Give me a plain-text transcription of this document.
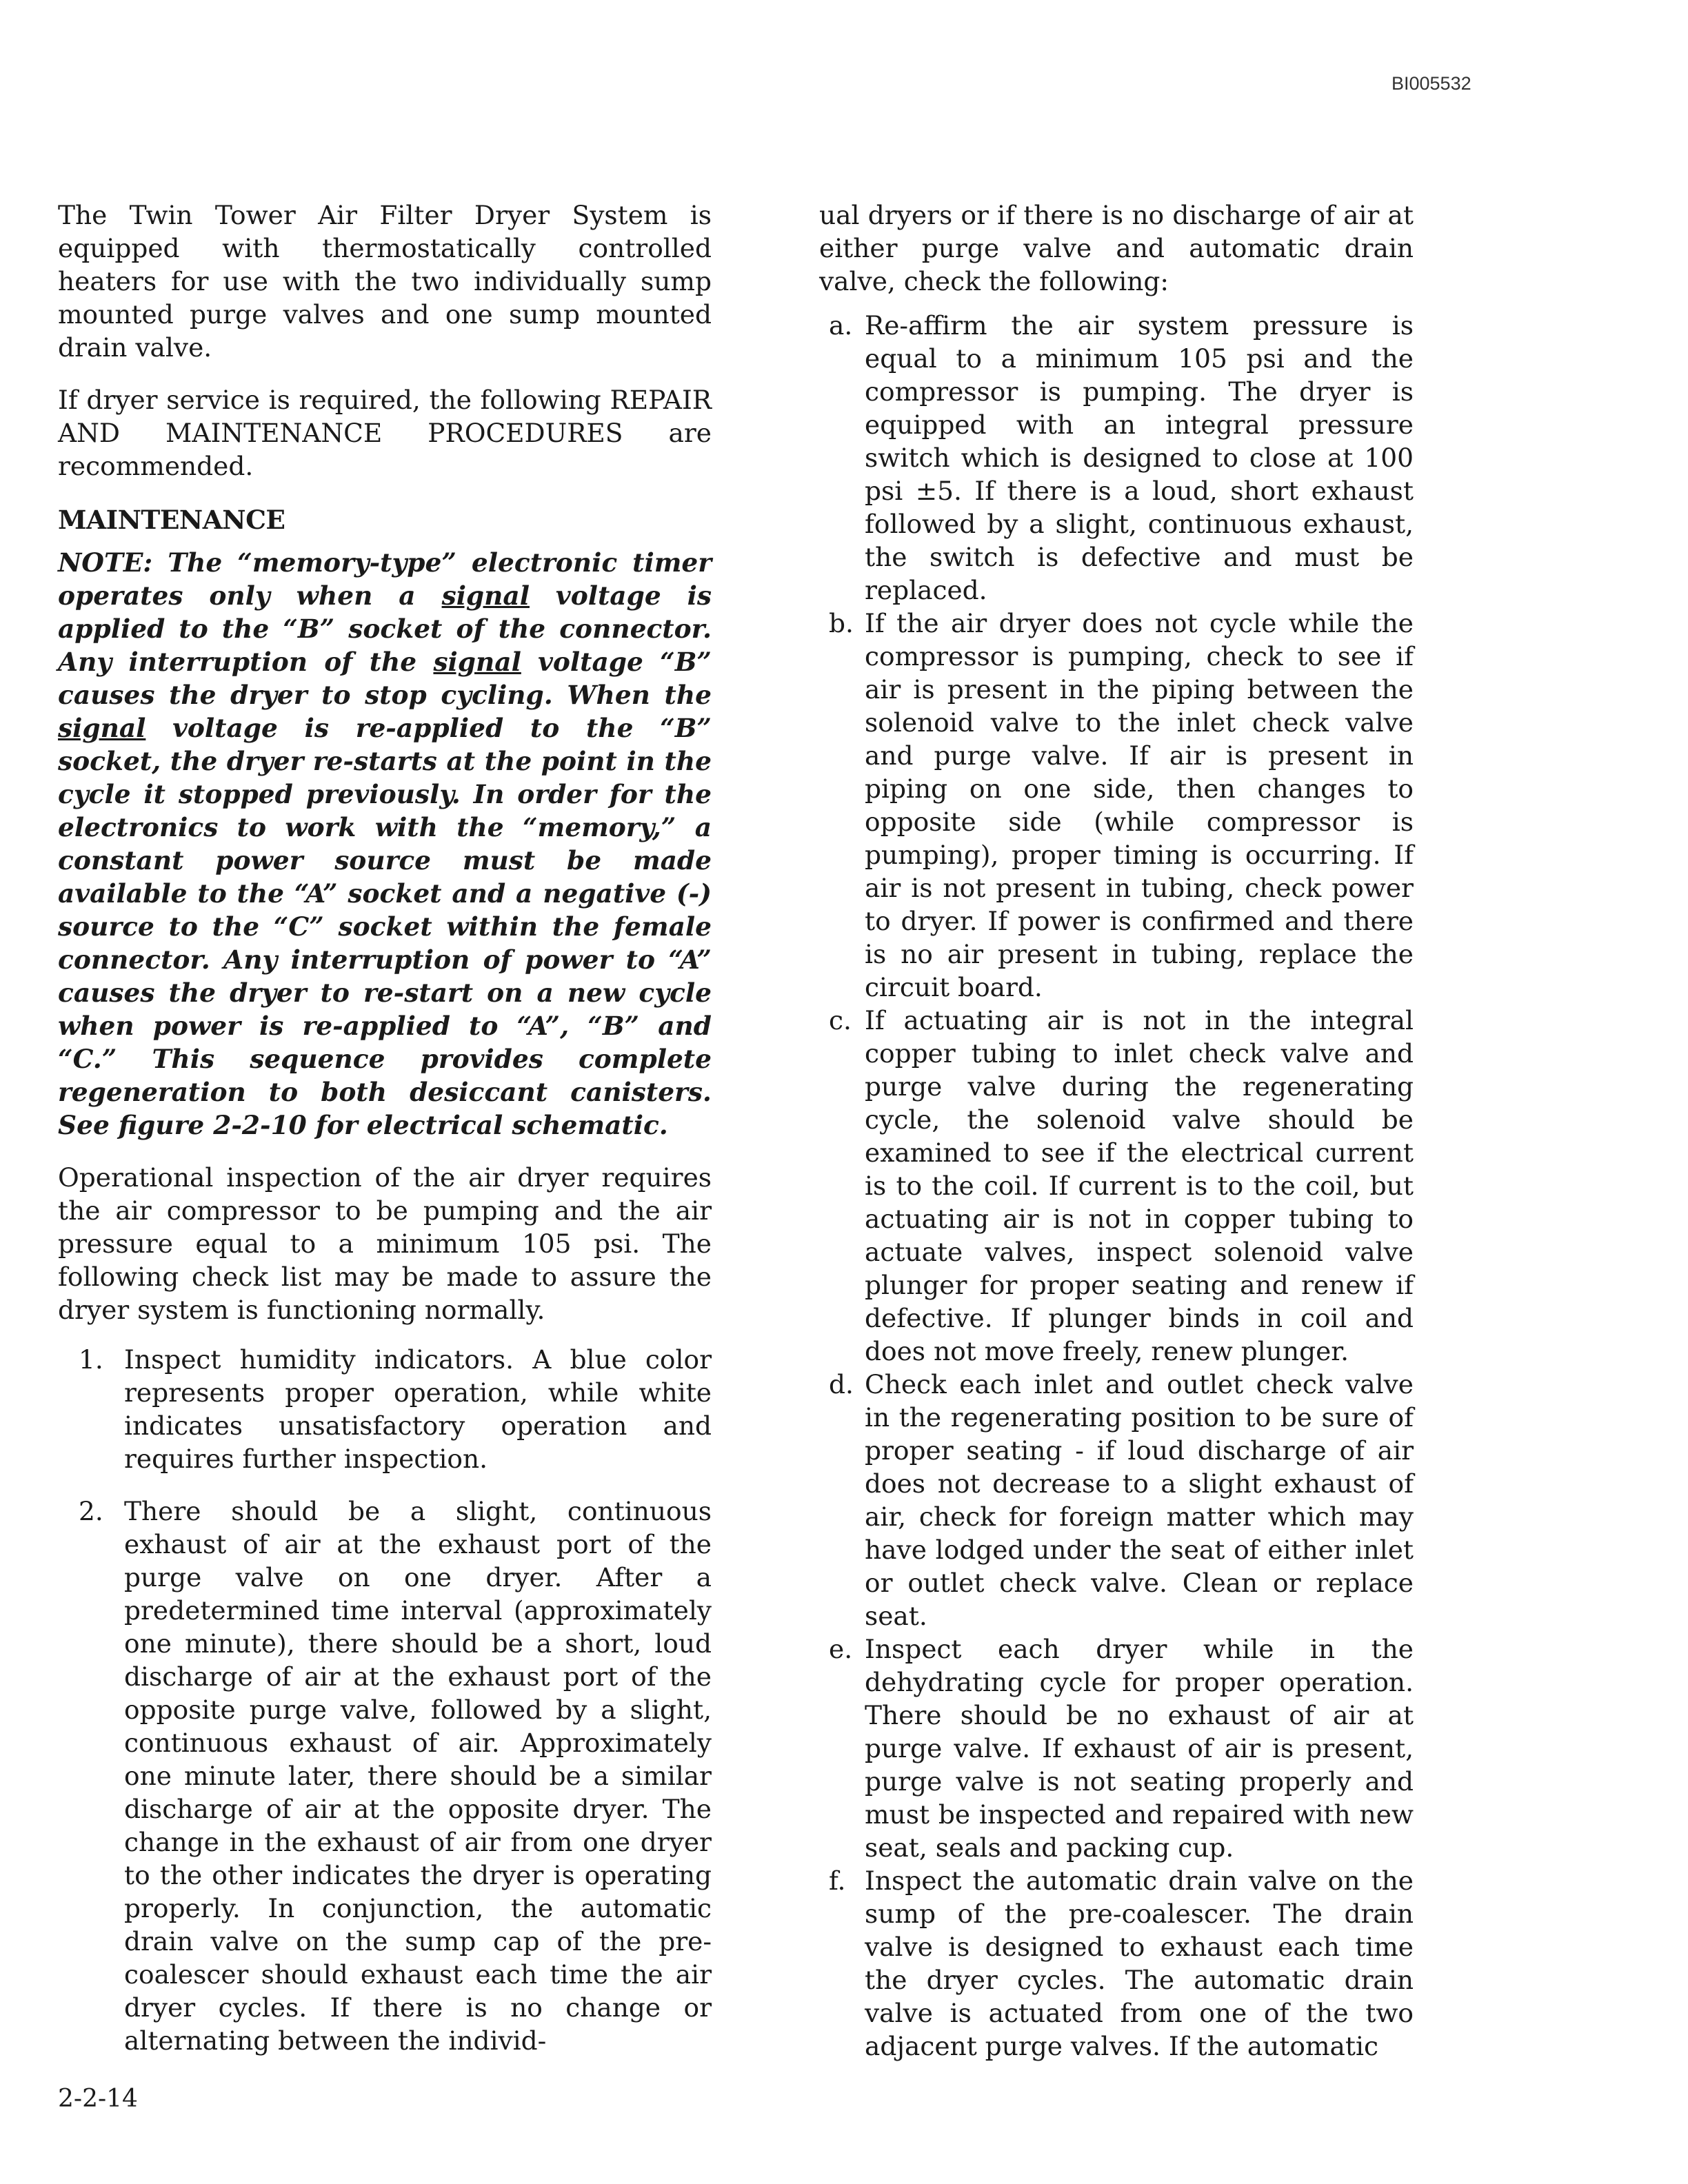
BI005532

The Twin Tower Air Filter Dryer System is equipped with thermostatically controlled heaters for use with the two individually sump mounted purge valves and one sump mounted drain valve.

If dryer service is required, the following REPAIR AND MAINTENANCE PROCEDURES are recommended.

MAINTENANCE

NOTE: The “memory-type” electronic timer operates only when a signal voltage is applied to the “B” socket of the connector. Any interruption of the signal voltage “B” causes the dryer to stop cycling. When the signal voltage is re-applied to the “B” socket, the dryer re-starts at the point in the cycle it stopped previously. In order for the electronics to work with the “memory,” a constant power source must be made available to the “A” socket and a negative (-) source to the “C” socket within the female connector. Any interruption of power to “A” causes the dryer to re-start on a new cycle when power is re-applied to “A”, “B” and “C.” This sequence provides complete regeneration to both desiccant canisters. See figure 2-2-10 for electrical schematic.

Operational inspection of the air dryer requires the air compressor to be pumping and the air pressure equal to a minimum 105 psi. The following check list may be made to assure the dryer system is functioning normally.

1. Inspect humidity indicators. A blue color represents proper operation, while white indicates unsatisfactory operation and requires further inspection.
2. There should be a slight, continuous exhaust of air at the exhaust port of the purge valve on one dryer. After a predetermined time interval (approximately one minute), there should be a short, loud discharge of air at the exhaust port of the opposite purge valve, followed by a slight, continuous exhaust of air. Approximately one minute later, there should be a similar discharge of air at the opposite dryer. The change in the exhaust of air from one dryer to the other indicates the dryer is operating properly. In conjunction, the automatic drain valve on the sump cap of the pre-coalescer should exhaust each time the air dryer cycles. If there is no change or alternating between the individ-

ual dryers or if there is no discharge of air at either purge valve and automatic drain valve, check the following:

a. Re-affirm the air system pressure is equal to a minimum 105 psi and the compressor is pumping. The dryer is equipped with an integral pressure switch which is designed to close at 100 psi ±5. If there is a loud, short exhaust followed by a slight, continuous exhaust, the switch is defective and must be replaced.
b. If the air dryer does not cycle while the compressor is pumping, check to see if air is present in the piping between the solenoid valve to the inlet check valve and purge valve. If air is present in piping on one side, then changes to opposite side (while compressor is pumping), proper timing is occurring. If air is not present in tubing, check power to dryer. If power is confirmed and there is no air present in tubing, replace the circuit board.
c. If actuating air is not in the integral copper tubing to inlet check valve and purge valve during the regenerating cycle, the solenoid valve should be examined to see if the electrical current is to the coil. If current is to the coil, but actuating air is not in copper tubing to actuate valves, inspect solenoid valve plunger for proper seating and renew if defective. If plunger binds in coil and does not move freely, renew plunger.
d. Check each inlet and outlet check valve in the regenerating position to be sure of proper seating - if loud discharge of air does not decrease to a slight exhaust of air, check for foreign matter which may have lodged under the seat of either inlet or outlet check valve. Clean or replace seat.
e. Inspect each dryer while in the dehydrating cycle for proper operation. There should be no exhaust of air at purge valve. If exhaust of air is present, purge valve is not seating properly and must be inspected and repaired with new seat, seals and packing cup.
f. Inspect the automatic drain valve on the sump of the pre-coalescer. The drain valve is designed to exhaust each time the dryer cycles. The automatic drain valve is actuated from one of the two adjacent purge valves. If the automatic
2-2-14
